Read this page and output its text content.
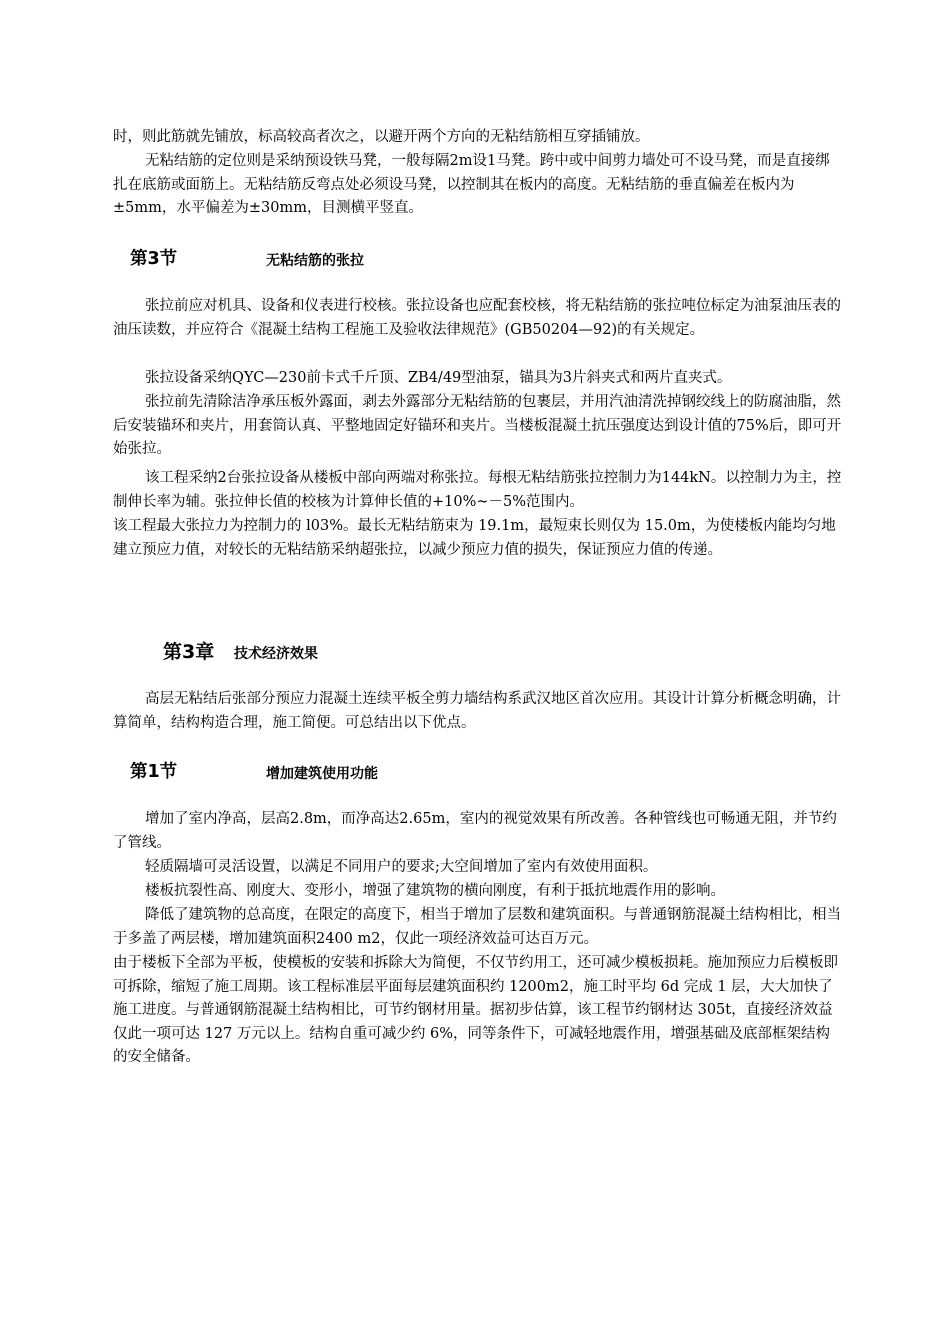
时，则此筋就先铺放，标高较高者次之，以避开两个方向的无粘结筋相互穿插铺放。

无粘结筋的定位则是采纳预设铁马凳，一般每隔2m设1马凳。跨中或中间剪力墙处可不设马凳，而是直接绑扎在底筋或面筋上。无粘结筋反弯点处必须设马凳，以控制其在板内的高度。无粘结筋的垂直偏差在板内为±5mm，水平偏差为±30mm，目测横平竖直。

第3节	无粘结筋的张拉

张拉前应对机具、设备和仪表进行校核。张拉设备也应配套校核，将无粘结筋的张拉吨位标定为油泵油压表的油压读数，并应符合《混凝土结构工程施工及验收法律规范》(GB50204—92)的有关规定。

张拉设备采纳QYC—230前卡式千斤顶、ZB4/49型油泵，锚具为3片斜夹式和两片直夹式。

张拉前先清除洁净承压板外露面，剥去外露部分无粘结筋的包裹层，并用汽油清洗掉钢绞线上的防腐油脂，然后安装锚环和夹片，用套筒认真、平整地固定好锚环和夹片。当楼板混凝土抗压强度达到设计值的75%后，即可开始张拉。

该工程采纳2台张拉设备从楼板中部向两端对称张拉。每根无粘结筋张拉控制力为144kN。以控制力为主，控制伸长率为辅。张拉伸长值的校核为计算伸长值的+10%~－5%范围内。

该工程最大张拉力为控制力的 l03%。最长无粘结筋束为 19.1m，最短束长则仅为 15.0m，为使楼板内能均匀地建立预应力值，对较长的无粘结筋采纳超张拉，以减少预应力值的损失，保证预应力值的传递。

第3章 技术经济效果

高层无粘结后张部分预应力混凝土连续平板全剪力墙结构系武汉地区首次应用。其设计计算分析概念明确，计算简单，结构构造合理，施工简便。可总结出以下优点。

第1节	增加建筑使用功能

增加了室内净高，层高2.8m，而净高达2.65m，室内的视觉效果有所改善。各种管线也可畅通无阻，并节约了管线。

轻质隔墙可灵活设置，以满足不同用户的要求;大空间增加了室内有效使用面积。

楼板抗裂性高、刚度大、变形小，增强了建筑物的横向刚度，有利于抵抗地震作用的影响。

降低了建筑物的总高度，在限定的高度下，相当于增加了层数和建筑面积。与普通钢筋混凝土结构相比，相当于多盖了两层楼，增加建筑面积2400 m2，仅此一项经济效益可达百万元。

由于楼板下全部为平板，使模板的安装和拆除大为简便，不仅节约用工，还可减少模板损耗。施加预应力后模板即可拆除，缩短了施工周期。该工程标准层平面每层建筑面积约 1200m2，施工时平均 6d 完成 1 层，大大加快了施工进度。与普通钢筋混凝土结构相比，可节约钢材用量。据初步估算，该工程节约钢材达 305t，直接经济效益仅此一项可达 127 万元以上。结构自重可减少约 6%，同等条件下，可减轻地震作用，增强基础及底部框架结构的安全储备。
